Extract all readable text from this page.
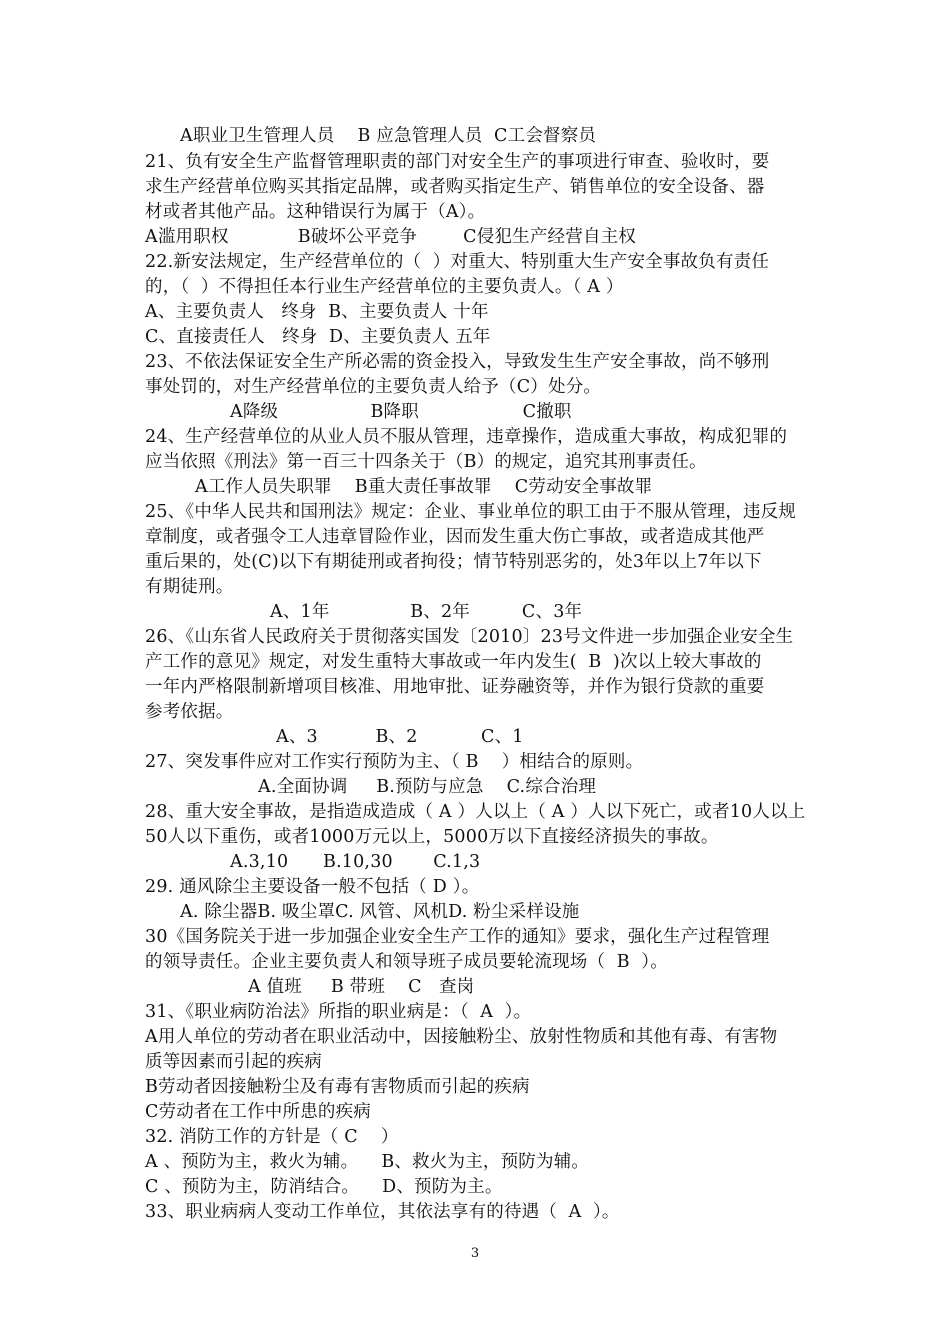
A职业卫生管理人员    B 应急管理人员  C工会督察员
21、负有安全生产监督管理职责的部门对安全生产的事项进行审查、验收时，要
求生产经营单位购买其指定品牌，或者购买指定生产、销售单位的安全设备、器
材或者其他产品。这种错误行为属于（A）。
A滥用职权            B破坏公平竞争        C侵犯生产经营自主权
22.新安法规定，生产经营单位的（  ）对重大、特别重大生产安全事故负有责任
的，（  ）不得担任本行业生产经营单位的主要负责人。（ A ）
A、主要负责人   终身  B、主要负责人 十年
C、直接责任人   终身  D、主要负责人 五年
23、不依法保证安全生产所必需的资金投入，导致发生生产安全事故，尚不够刑
事处罚的，对生产经营单位的主要负责人给予（C）处分。
A降级                B降职                  C撤职
24、生产经营单位的从业人员不服从管理，违章操作，造成重大事故，构成犯罪的
应当依照《刑法》第一百三十四条关于（B）的规定，追究其刑事责任。
A工作人员失职罪    B重大责任事故罪    C劳动安全事故罪
25、《中华人民共和国刑法》规定：企业、事业单位的职工由于不服从管理，违反规
章制度，或者强令工人违章冒险作业，因而发生重大伤亡事故，或者造成其他严
重后果的，处(C)以下有期徒刑或者拘役；情节特别恶劣的，处3年以上7年以下
有期徒刑。
A、1年              B、2年         C、3年
26、《山东省人民政府关于贯彻落实国发〔2010〕23号文件进一步加强企业安全生
产工作的意见》规定，对发生重特大事故或一年内发生(  B  )次以上较大事故的
一年内严格限制新增项目核准、用地审批、证券融资等，并作为银行贷款的重要
参考依据。
A、3          B、2           C、1
27、突发事件应对工作实行预防为主、（ B    ）相结合的原则。
A.全面协调     B.预防与应急    C.综合治理
28、重大安全事故，是指造成造成（ A ）人以上（ A ）人以下死亡，或者10人以上
50人以下重伤，或者1000万元以上，5000万以下直接经济损失的事故。
A.3,10      B.10,30       C.1,3
29. 通风除尘主要设备一般不包括（ D ）。
A. 除尘器B. 吸尘罩C. 风管、风机D. 粉尘采样设施
30《国务院关于进一步加强企业安全生产工作的通知》要求，强化生产过程管理
的领导责任。企业主要负责人和领导班子成员要轮流现场（  B  ）。
A 值班     B 带班    C   查岗
31、《职业病防治法》所指的职业病是：（  A  ）。
A用人单位的劳动者在职业活动中，因接触粉尘、放射性物质和其他有毒、有害物
质等因素而引起的疾病
B劳动者因接触粉尘及有毒有害物质而引起的疾病
C劳动者在工作中所患的疾病
32. 消防工作的方针是（ C    ）
A 、预防为主，救火为辅。    B、救火为主，预防为辅。
C 、预防为主，防消结合。    D、预防为主。
33、职业病病人变动工作单位，其依法享有的待遇（  A  ）。
3
